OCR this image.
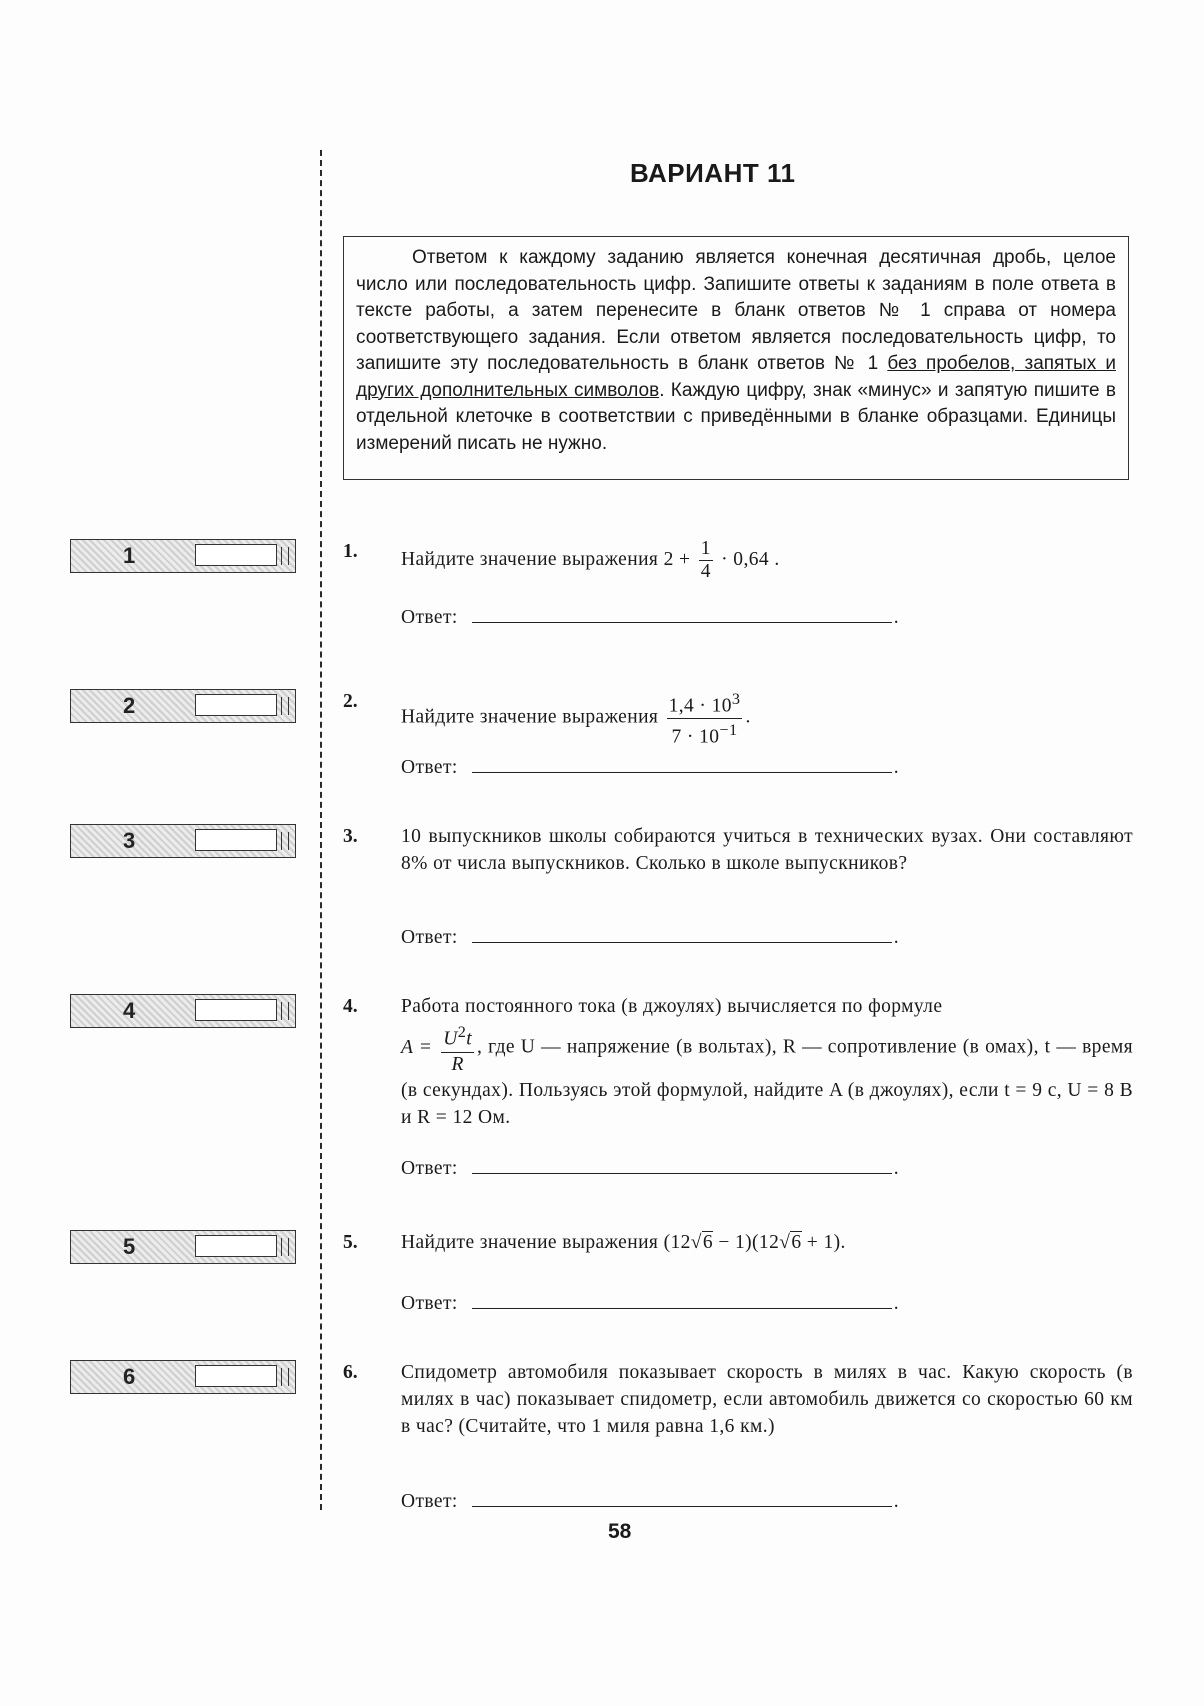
ВАРИАНТ 11

Ответом к каждому заданию является конечная десятичная дробь, целое число или последовательность цифр. Запишите ответы к заданиям в поле ответа в тексте работы, а затем перенесите в бланк ответов № 1 справа от номера соответствующего задания. Если ответом является последовательность цифр, то запишите эту последовательность в бланк ответов № 1 без пробелов, запятых и других дополнительных символов. Каждую цифру, знак «минус» и запятую пишите в отдельной клеточке в соответствии с приведёнными в бланке образцами. Единицы измерений писать не нужно.

1	1. Найдите значение выражения $2 + \frac{1}{4} \cdot 0,64$ .
Ответ:	.
2	2.
Найдите значение выражения $\frac{1,4 \cdot 10^3}{7 \cdot 10^{-1}}$ .
Ответ:	.
3	3. 10 выпускников школы собираются учиться в технических вузах. Они составляют 8% от числа выпускников. Сколько в школе выпускников?
Ответ:	.
4	4. Работа постоянного тока (в джоулях) вычисляется по формуле
$A = \frac{U^2t}{R}$ , где U — напряжение (в вольтах), R — сопротивление (в омах), t — время (в секундах). Пользуясь этой формулой, найдите A (в джоулях), если t = 9 с, U = 8 В и R = 12 Ом.
Ответ:	.
5	5. Найдите значение выражения (12√6 − 1)(12√6 + 1).
Ответ:	.
6	6. Спидометр автомобиля показывает скорость в милях в час. Какую скорость (в милях в час) показывает спидометр, если автомобиль движется со скоростью 60 км в час? (Считайте, что 1 миля равна 1,6 км.)
Ответ:	.
58
